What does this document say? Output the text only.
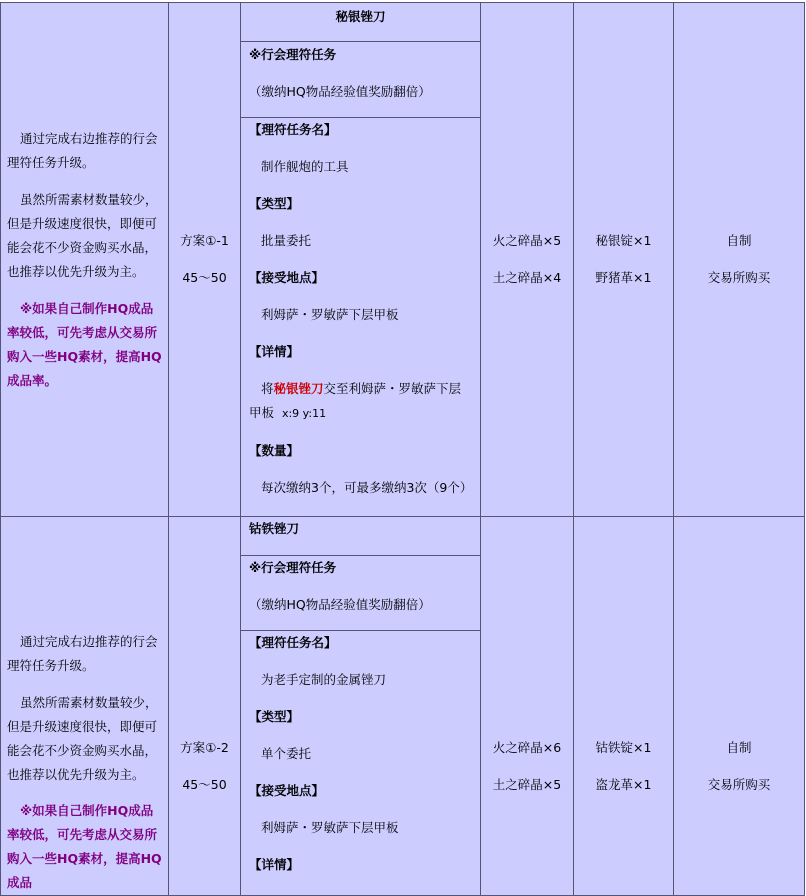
通过完成右边推荐的行会理符任务升级。

虽然所需素材数量较少，但是升级速度很快，即便可能会花不少资金购买水晶，也推荐以优先升级为主。

※如果自己制作HQ成品率较低，可先考虑从交易所购入一些HQ素材，提高HQ成品率。

方案①-1

45～50

秘银锉刀

※行会理符任务

（缴纳HQ物品经验值奖励翻倍）

【理符任务名】

制作舰炮的工具

【类型】

批量委托

【接受地点】

利姆萨・罗敏萨下层甲板

【详情】

将秘银锉刀交至利姆萨・罗敏萨下层

甲板 x:9 y:11

【数量】

每次缴纳3个，可最多缴纳3次（9个）

火之碎晶×5

土之碎晶×4

秘银锭×1

野猪革×1

自制

交易所购买

通过完成右边推荐的行会理符任务升级。

虽然所需素材数量较少，但是升级速度很快，即便可能会花不少资金购买水晶，也推荐以优先升级为主。

※如果自己制作HQ成品率较低，可先考虑从交易所购入一些HQ素材，提高HQ成品

方案①-2

45～50

钴铁锉刀

※行会理符任务

（缴纳HQ物品经验值奖励翻倍）

【理符任务名】

为老手定制的金属锉刀

【类型】

单个委托

【接受地点】

利姆萨・罗敏萨下层甲板

【详情】

火之碎晶×6

土之碎晶×5

钴铁锭×1

盗龙革×1

自制

交易所购买
